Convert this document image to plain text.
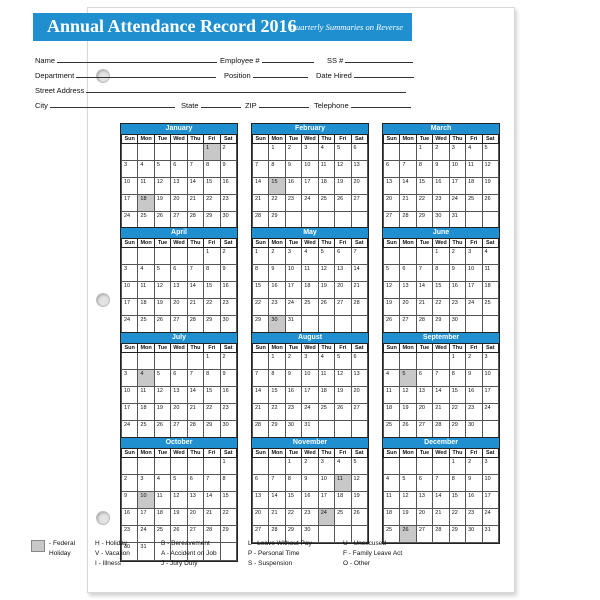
Annual Attendance Record 2016
Quarterly Summaries on Reverse
Name	Employee #	SS #
Department	Position	Date Hired
Street Address
City	State	ZIP	Telephone
January
Sun	Mon	Tue	Wed	Thu	Fri	Sat
					1	2
3	4	5	6	7	8	9
10	11	12	13	14	15	16
17	18	19	20	21	22	23
24	25	26	27	28	29	30
February
Sun	Mon	Tue	Wed	Thu	Fri	Sat
	1	2	3	4	5	6
7	8	9	10	11	12	13
14	15	16	17	18	19	20
21	22	23	24	25	26	27
28	29					
March
Sun	Mon	Tue	Wed	Thu	Fri	Sat
		1	2	3	4	5
6	7	8	9	10	11	12
13	14	15	16	17	18	19
20	21	22	23	24	25	26
27	28	29	30	31		
April
Sun	Mon	Tue	Wed	Thu	Fri	Sat
					1	2
3	4	5	6	7	8	9
10	11	12	13	14	15	16
17	18	19	20	21	22	23
24	25	26	27	28	29	30
May
Sun	Mon	Tue	Wed	Thu	Fri	Sat
1	2	3	4	5	6	7
8	9	10	11	12	13	14
15	16	17	18	19	20	21
22	23	24	25	26	27	28
29	30	31				
June
Sun	Mon	Tue	Wed	Thu	Fri	Sat
			1	2	3	4
5	6	7	8	9	10	11
12	13	14	15	16	17	18
19	20	21	22	23	24	25
26	27	28	29	30		
July
Sun	Mon	Tue	Wed	Thu	Fri	Sat
					1	2
3	4	5	6	7	8	9
10	11	12	13	14	15	16
17	18	19	20	21	22	23
24	25	26	27	28	29	30

August
Sun	Mon	Tue	Wed	Thu	Fri	Sat
	1	2	3	4	5	6
7	8	9	10	11	12	13
14	15	16	17	18	19	20
21	22	23	24	25	26	27
28	29	30	31			
September
Sun	Mon	Tue	Wed	Thu	Fri	Sat
				1	2	3
4	5	6	7	8	9	10
11	12	13	14	15	16	17
18	19	20	21	22	23	24
25	26	27	28	29	30	
October
Sun	Mon	Tue	Wed	Thu	Fri	Sat
						1
2	3	4	5	6	7	8
9	10	11	12	13	14	15
16	17	18	19	20	21	22
23	24	25	26	27	28	29
30	31					
November
Sun	Mon	Tue	Wed	Thu	Fri	Sat
		1	2	3	4	5
6	7	8	9	10	11	12
13	14	15	16	17	18	19
20	21	22	23	24	25	26
27	28	29	30			
December
Sun	Mon	Tue	Wed	Thu	Fri	Sat
				1	2	3
4	5	6	7	8	9	10
11	12	13	14	15	16	17
18	19	20	21	22	23	24
25	26	27	28	29	30	31
- Federal
Holiday
H - Holiday
V - Vacation
I - Illness
B - Bereavement
A - Accident on Job
J - Jury Duty
L - Leave Without Pay
P - Personal Time
S - Suspension
U - Unexcused
F - Family Leave Act
O - Other
